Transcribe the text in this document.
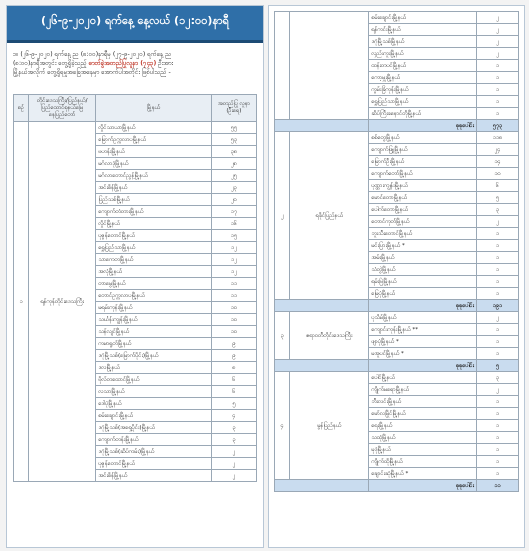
(၂၆-၉-၂၀၂၀) ရက်နေ့ နေ့လယ် (၁၂:၀၀)နာရီ
၁။ (၂၆-၉-၂၀၂၀) ရက်နေ့ ည (၈:၀၀)နာရီမှ (၂၇-၉-၂၀၂၀) ရက်နေ့ ည
(၈:၀၀)နာရီအတွင်း တွေ့ရှိခဲ့သည့် ဓာတ်ခွဲအတည်ပြုလူနာ (၇၄၃) ဦးအား
မြို့နယ်အလိုက် တွေ့ရှိရမှုအခြေအနေမှာ အောက်ပါအတိုင်း ဖြစ်ပါသည် -
စဉ်	တိုင်းဒေသကြီး/ပြည်နယ်/ပြည်ထောင်စုနယ်မြေ နေပြည်တော်	မြို့နယ်	အတည်ပြု လူနာ (ဦးရေ)
၁	ရန်ကုန်တိုင်းဒေသကြီး	လှိုင်သာယာမြို့နယ်	၅၅
		မြောက်ဥက္ကလာပမြို့နယ်	၅၃
		ဗဟန်းမြို့နယ်	၃၈
		မင်္ဂလာဒုံမြို့နယ်	၂၈
		မင်္ဂလာတောင်ညွန့်မြို့နယ်	၂၅
		အင်းစိန်မြို့နယ်	၂၃
		ပြည်သစ်မြို့နယ်	၂၀
		ကျောက်တံတားမြို့နယ်	၁၇
		လှိုင်မြို့နယ်	၁၆
		ပုဇွန်တောင်မြို့နယ်	၁၅
		ရွှေပြည်သာမြို့နယ်	၁၂
		သာကေတမြို့နယ်	၁၂
		အလုံမြို့နယ်	၁၂
		တာမွေမြို့နယ်	၁၁
		တောင်ဥက္ကလာပမြို့နယ်	၁၁
		မရမ်းကုန်းမြို့နယ်	၁၀
		သင်္ဃန်းကျွန်းမြို့နယ်	၁၀
		သန်လျင်မြို့နယ်	၁၀
		ကမာရွတ်မြို့နယ်	၉
		ဒဂုံမြို့သစ်(မြောက်ပိုင်း)မြို့နယ်	၉
		ဒလမြို့နယ်	၈
		ဗိုလ်တထောင်မြို့နယ်	၆
		လသာမြို့နယ်	၆
		ဒေါပုံမြို့နယ်	၅
		စမ်းချောင်းမြို့နယ်	၄
		ဒဂုံမြို့သစ်(အရှေ့ပိုင်း)မြို့နယ်	၃
		ကျောက်တန်းမြို့နယ်	၃
		ဒဂုံမြို့သစ်(ဆိပ်ကမ်း)မြို့နယ်	၂
		ပုဇွန်တောင်မြို့နယ်	၂
		အင်းစိန်မြို့နယ်	၂
		စမ်းချောင်းမြို့နယ်	၂
		ရန်ကင်းမြို့နယ်	၂
		ဒဂုံမြို့သစ်မြို့နယ်	၂
		လှည်းကူးမြို့နယ်	၂
		ထန်းတပင်မြို့နယ်	၁
		ကော့မှူးမြို့နယ်	၁
		ကွမ်းခြံကုန်းမြို့နယ်	၁
		ရွှေပြည်သာမြို့နယ်	၁
		ဆိပ်ကြီးခနောင်တိုမြို့နယ်	၁
		စုစုပေါင်း	၅၇၃
၂	ရခိုင်ပြည်နယ်	စစ်တွေမြို့နယ်	၁၁၈
		ကျောက်ဖြူမြို့နယ်	၂၄
		မြောက်ဦးမြို့နယ်	၁၄
		ကျောက်တော်မြို့နယ်	၁၀
		ပုဏ္ဏားကျွန်းမြို့နယ်	၆
		မောင်တောမြို့နယ်	၅
		ပေါက်တောမြို့နယ်	၃
		တောင်ကုတ်မြို့နယ်	၂
		ဘူးသီးတောင်မြို့နယ်	၁
		မင်းပြားမြို့နယ် *	၁
		အမ်းမြို့နယ်	၁
		သံတွဲမြို့နယ်	၁
		ရမ်းဗြဲမြို့နယ်	၁
		မြေပုံမြို့နယ်	၁
		စုစုပေါင်း	၁၉၁
၃	ဧရာဝတီတိုင်းဒေသကြီး	ပုသိမ်မြို့နယ်	၂
		ကျောင်းကုန်းမြို့နယ် **	၁
		ဖျာပုံမြို့နယ် *	၁
		မအူပင်မြို့နယ် *	၁
		စုစုပေါင်း	၅
၄	မွန်ပြည်နယ်	ပေါင်မြို့နယ်	၃
		ကျိုက်မရောမြို့နယ်	၂
		ဘီးလင်းမြို့နယ်	၁
		မော်လမြိုင်မြို့နယ်	၁
		ရေးမြို့နယ်	၁
		သထုံမြို့နယ်	၁
		မုဒုံမြို့နယ်	၁
		ကျိုက်ထိုမြို့နယ်	၁
		ချောင်းဆုံမြို့နယ် *	၁
		စုစုပေါင်း	၁၁
